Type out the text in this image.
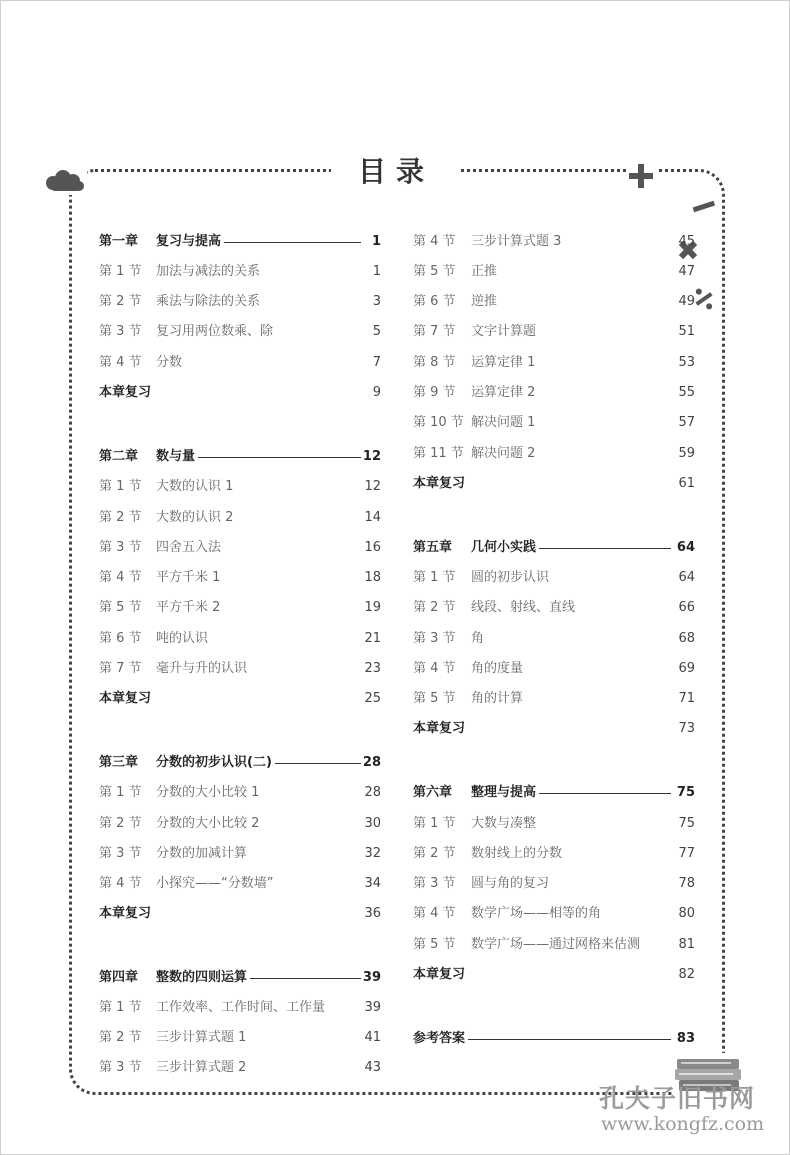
目录
第一章 复习与提高	1
第 1 节 加法与减法的关系	1
第 2 节 乘法与除法的关系	3
第 3 节 复习用两位数乘、除	5
第 4 节 分数	7
本章复习	9
第二章 数与量	12
第 1 节 大数的认识 1	12
第 2 节 大数的认识 2	14
第 3 节 四舍五入法	16
第 4 节 平方千米 1	18
第 5 节 平方千米 2	19
第 6 节 吨的认识	21
第 7 节 毫升与升的认识	23
本章复习	25
第三章 分数的初步认识(二)	28
第 1 节 分数的大小比较 1	28
第 2 节 分数的大小比较 2	30
第 3 节 分数的加减计算	32
第 4 节 小探究——“分数墙”	34
本章复习	36
第四章 整数的四则运算	39
第 1 节 工作效率、工作时间、工作量	39
第 2 节 三步计算式题 1	41
第 3 节 三步计算式题 2	43
第 4 节 三步计算式题 3	45
第 5 节 正推	47
第 6 节 逆推	49
第 7 节 文字计算题	51
第 8 节 运算定律 1	53
第 9 节 运算定律 2	55
第 10 节 解决问题 1	57
第 11 节 解决问题 2	59
本章复习	61
第五章 几何小实践	64
第 1 节 圆的初步认识	64
第 2 节 线段、射线、直线	66
第 3 节 角	68
第 4 节 角的度量	69
第 5 节 角的计算	71
本章复习	73
第六章 整理与提高	75
第 1 节 大数与凑整	75
第 2 节 数射线上的分数	77
第 3 节 圆与角的复习	78
第 4 节 数学广场——相等的角	80
第 5 节 数学广场——通过网格来估测	81
本章复习	82
参考答案	83
孔夫子旧书网
www.kongfz.com
